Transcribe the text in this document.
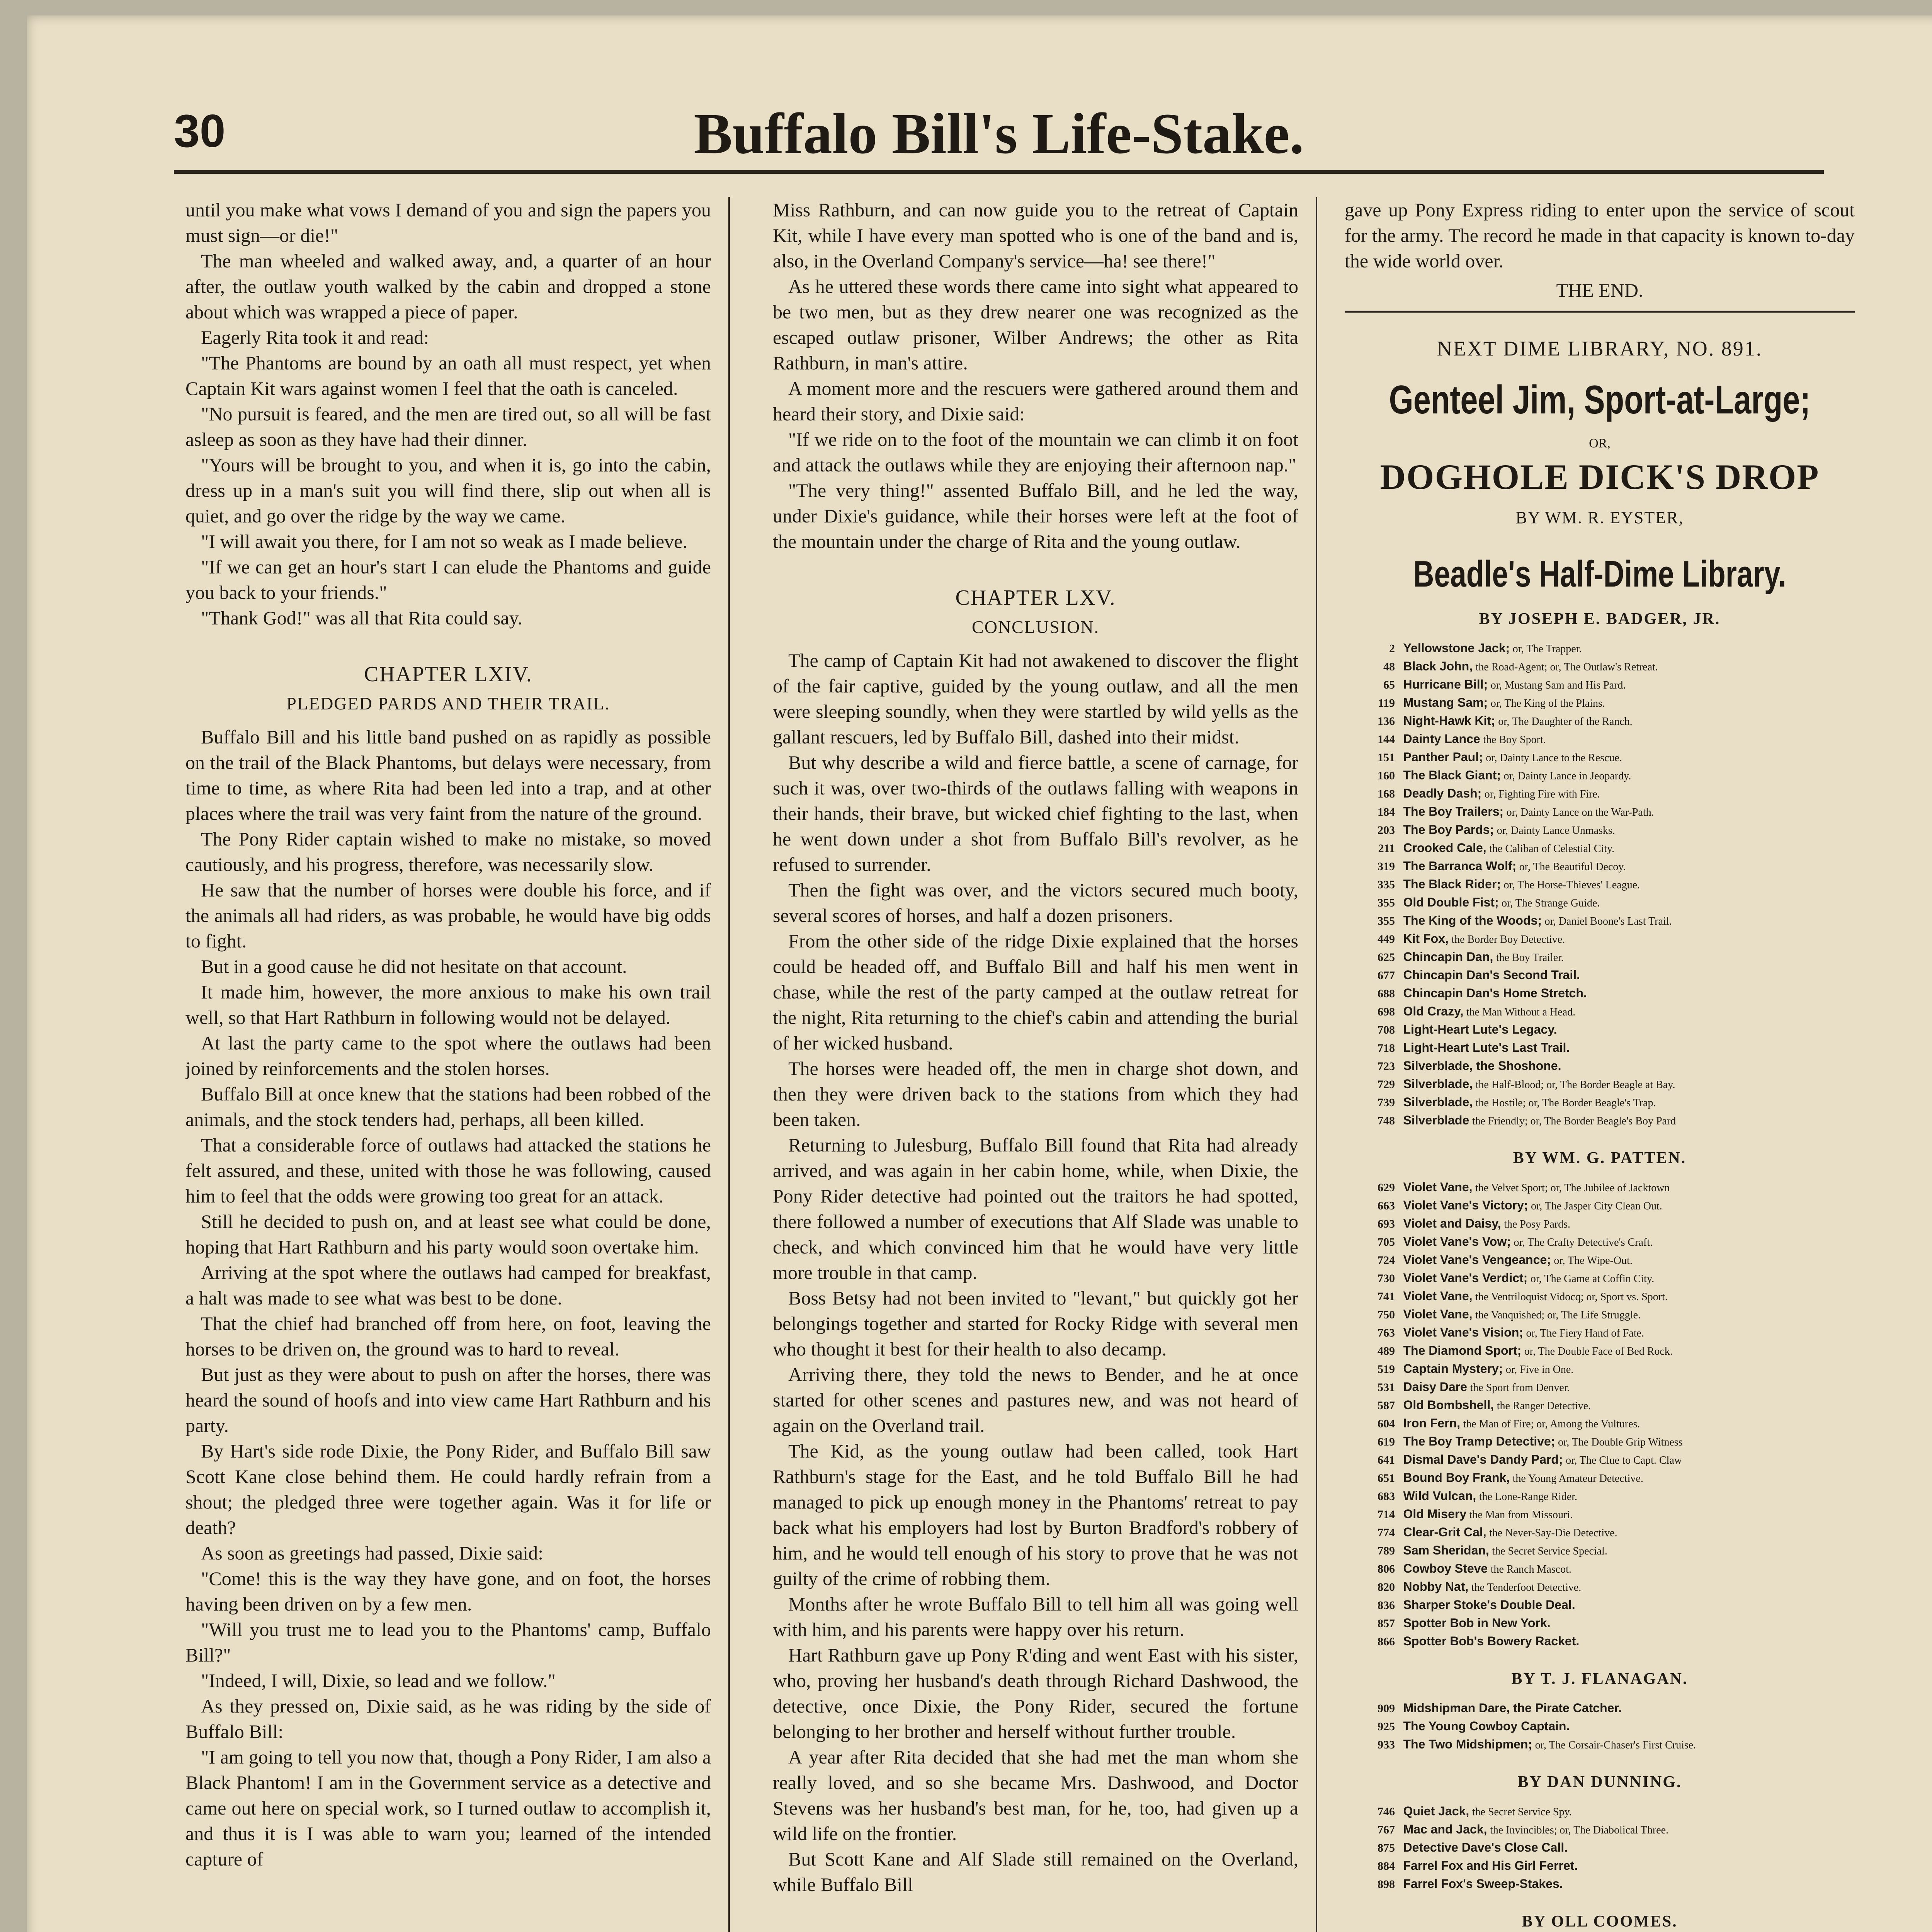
30	Buffalo Bill's Life-Stake.

until you make what vows I demand of you and sign the papers you must sign—or die!"

The man wheeled and walked away, and, a quarter of an hour after, the outlaw youth walked by the cabin and dropped a stone about which was wrapped a piece of paper.

Eagerly Rita took it and read:

"The Phantoms are bound by an oath all must respect, yet when Captain Kit wars against women I feel that the oath is canceled.

"No pursuit is feared, and the men are tired out, so all will be fast asleep as soon as they have had their dinner.

"Yours will be brought to you, and when it is, go into the cabin, dress up in a man's suit you will find there, slip out when all is quiet, and go over the ridge by the way we came.

"I will await you there, for I am not so weak as I made believe.

"If we can get an hour's start I can elude the Phantoms and guide you back to your friends."

"Thank God!" was all that Rita could say.

CHAPTER LXIV.
PLEDGED PARDS AND THEIR TRAIL.

Buffalo Bill and his little band pushed on as rapidly as possible on the trail of the Black Phantoms, but delays were necessary, from time to time, as where Rita had been led into a trap, and at other places where the trail was very faint from the nature of the ground.

The Pony Rider captain wished to make no mistake, so moved cautiously, and his progress, therefore, was necessarily slow.

He saw that the number of horses were double his force, and if the animals all had riders, as was probable, he would have big odds to fight.

But in a good cause he did not hesitate on that account.

It made him, however, the more anxious to make his own trail well, so that Hart Rathburn in following would not be delayed.

At last the party came to the spot where the outlaws had been joined by reinforcements and the stolen horses.

Buffalo Bill at once knew that the stations had been robbed of the animals, and the stock tenders had, perhaps, all been killed.

That a considerable force of outlaws had attacked the stations he felt assured, and these, united with those he was following, caused him to feel that the odds were growing too great for an attack.

Still he decided to push on, and at least see what could be done, hoping that Hart Rathburn and his party would soon overtake him.

Arriving at the spot where the outlaws had camped for breakfast, a halt was made to see what was best to be done.

That the chief had branched off from here, on foot, leaving the horses to be driven on, the ground was to hard to reveal.

But just as they were about to push on after the horses, there was heard the sound of hoofs and into view came Hart Rathburn and his party.

By Hart's side rode Dixie, the Pony Rider, and Buffalo Bill saw Scott Kane close behind them. He could hardly refrain from a shout; the pledged three were together again. Was it for life or death?

As soon as greetings had passed, Dixie said:

"Come! this is the way they have gone, and on foot, the horses having been driven on by a few men.

"Will you trust me to lead you to the Phantoms' camp, Buffalo Bill?"

"Indeed, I will, Dixie, so lead and we follow."

As they pressed on, Dixie said, as he was riding by the side of Buffalo Bill:

"I am going to tell you now that, though a Pony Rider, I am also a Black Phantom! I am in the Government service as a detective and came out here on special work, so I turned outlaw to accomplish it, and thus it is I was able to warn you; learned of the intended capture of

Miss Rathburn, and can now guide you to the retreat of Captain Kit, while I have every man spotted who is one of the band and is, also, in the Overland Company's service—ha! see there!"

As he uttered these words there came into sight what appeared to be two men, but as they drew nearer one was recognized as the escaped outlaw prisoner, Wilber Andrews; the other as Rita Rathburn, in man's attire.

A moment more and the rescuers were gathered around them and heard their story, and Dixie said:

"If we ride on to the foot of the mountain we can climb it on foot and attack the outlaws while they are enjoying their afternoon nap."

"The very thing!" assented Buffalo Bill, and he led the way, under Dixie's guidance, while their horses were left at the foot of the mountain under the charge of Rita and the young outlaw.

CHAPTER LXV.
CONCLUSION.

The camp of Captain Kit had not awakened to discover the flight of the fair captive, guided by the young outlaw, and all the men were sleeping soundly, when they were startled by wild yells as the gallant rescuers, led by Buffalo Bill, dashed into their midst.

But why describe a wild and fierce battle, a scene of carnage, for such it was, over two-thirds of the outlaws falling with weapons in their hands, their brave, but wicked chief fighting to the last, when he went down under a shot from Buffalo Bill's revolver, as he refused to surrender.

Then the fight was over, and the victors secured much booty, several scores of horses, and half a dozen prisoners.

From the other side of the ridge Dixie explained that the horses could be headed off, and Buffalo Bill and half his men went in chase, while the rest of the party camped at the outlaw retreat for the night, Rita returning to the chief's cabin and attending the burial of her wicked husband.

The horses were headed off, the men in charge shot down, and then they were driven back to the stations from which they had been taken.

Returning to Julesburg, Buffalo Bill found that Rita had already arrived, and was again in her cabin home, while, when Dixie, the Pony Rider detective had pointed out the traitors he had spotted, there followed a number of executions that Alf Slade was unable to check, and which convinced him that he would have very little more trouble in that camp.

Boss Betsy had not been invited to "levant," but quickly got her belongings together and started for Rocky Ridge with several men who thought it best for their health to also decamp.

Arriving there, they told the news to Bender, and he at once started for other scenes and pastures new, and was not heard of again on the Overland trail.

The Kid, as the young outlaw had been called, took Hart Rathburn's stage for the East, and he told Buffalo Bill he had managed to pick up enough money in the Phantoms' retreat to pay back what his employers had lost by Burton Bradford's robbery of him, and he would tell enough of his story to prove that he was not guilty of the crime of robbing them.

Months after he wrote Buffalo Bill to tell him all was going well with him, and his parents were happy over his return.

Hart Rathburn gave up Pony R'ding and went East with his sister, who, proving her husband's death through Richard Dashwood, the detective, once Dixie, the Pony Rider, secured the fortune belonging to her brother and herself without further trouble.

A year after Rita decided that she had met the man whom she really loved, and so she became Mrs. Dashwood, and Doctor Stevens was her husband's best man, for he, too, had given up a wild life on the frontier.

But Scott Kane and Alf Slade still remained on the Overland, while Buffalo Bill

gave up Pony Express riding to enter upon the service of scout for the army. The record he made in that capacity is known to-day the wide world over.

THE END.
NEXT DIME LIBRARY, NO. 891.
Genteel Jim, Sport-at-Large;
OR,
DOGHOLE DICK'S DROP
BY WM. R. EYSTER,
Beadle's Half-Dime Library.
BY JOSEPH E. BADGER, JR.
2 Yellowstone Jack; or, The Trapper.
48 Black John, the Road-Agent; or, The Outlaw's Retreat.
65 Hurricane Bill; or, Mustang Sam and His Pard.
119 Mustang Sam; or, The King of the Plains.
136 Night-Hawk Kit; or, The Daughter of the Ranch.
144 Dainty Lance the Boy Sport.
151 Panther Paul; or, Dainty Lance to the Rescue.
160 The Black Giant; or, Dainty Lance in Jeopardy.
168 Deadly Dash; or, Fighting Fire with Fire.
184 The Boy Trailers; or, Dainty Lance on the War-Path.
203 The Boy Pards; or, Dainty Lance Unmasks.
211 Crooked Cale, the Caliban of Celestial City.
319 The Barranca Wolf; or, The Beautiful Decoy.
335 The Black Rider; or, The Horse-Thieves' League.
355 Old Double Fist; or, The Strange Guide.
355 The King of the Woods; or, Daniel Boone's Last Trail.
449 Kit Fox, the Border Boy Detective.
625 Chincapin Dan, the Boy Trailer.
677 Chincapin Dan's Second Trail.
688 Chincapin Dan's Home Stretch.
698 Old Crazy, the Man Without a Head.
708 Light-Heart Lute's Legacy.
718 Light-Heart Lute's Last Trail.
723 Silverblade, the Shoshone.
729 Silverblade, the Half-Blood; or, The Border Beagle at Bay.
739 Silverblade, the Hostile; or, The Border Beagle's Trap.
748 Silverblade the Friendly; or, The Border Beagle's Boy Pard
BY WM. G. PATTEN.
629 Violet Vane, the Velvet Sport; or, The Jubilee of Jacktown
663 Violet Vane's Victory; or, The Jasper City Clean Out.
693 Violet and Daisy, the Posy Pards.
705 Violet Vane's Vow; or, The Crafty Detective's Craft.
724 Violet Vane's Vengeance; or, The Wipe-Out.
730 Violet Vane's Verdict; or, The Game at Coffin City.
741 Violet Vane, the Ventriloquist Vidocq; or, Sport vs. Sport.
750 Violet Vane, the Vanquished; or, The Life Struggle.
763 Violet Vane's Vision; or, The Fiery Hand of Fate.
489 The Diamond Sport; or, The Double Face of Bed Rock.
519 Captain Mystery; or, Five in One.
531 Daisy Dare the Sport from Denver.
587 Old Bombshell, the Ranger Detective.
604 Iron Fern, the Man of Fire; or, Among the Vultures.
619 The Boy Tramp Detective; or, The Double Grip Witness
641 Dismal Dave's Dandy Pard; or, The Clue to Capt. Claw
651 Bound Boy Frank, the Young Amateur Detective.
683 Wild Vulcan, the Lone-Range Rider.
714 Old Misery the Man from Missouri.
774 Clear-Grit Cal, the Never-Say-Die Detective.
789 Sam Sheridan, the Secret Service Special.
806 Cowboy Steve the Ranch Mascot.
820 Nobby Nat, the Tenderfoot Detective.
836 Sharper Stoke's Double Deal.
857 Spotter Bob in New York.
866 Spotter Bob's Bowery Racket.
BY T. J. FLANAGAN.
909 Midshipman Dare, the Pirate Catcher.
925 The Young Cowboy Captain.
933 The Two Midshipmen; or, The Corsair-Chaser's First Cruise.
BY DAN DUNNING.
746 Quiet Jack, the Secret Service Spy.
767 Mac and Jack, the Invincibles; or, The Diabolical Three.
875 Detective Dave's Close Call.
884 Farrel Fox and His Girl Ferret.
898 Farrel Fox's Sweep-Stakes.
BY OLL COOMES.
